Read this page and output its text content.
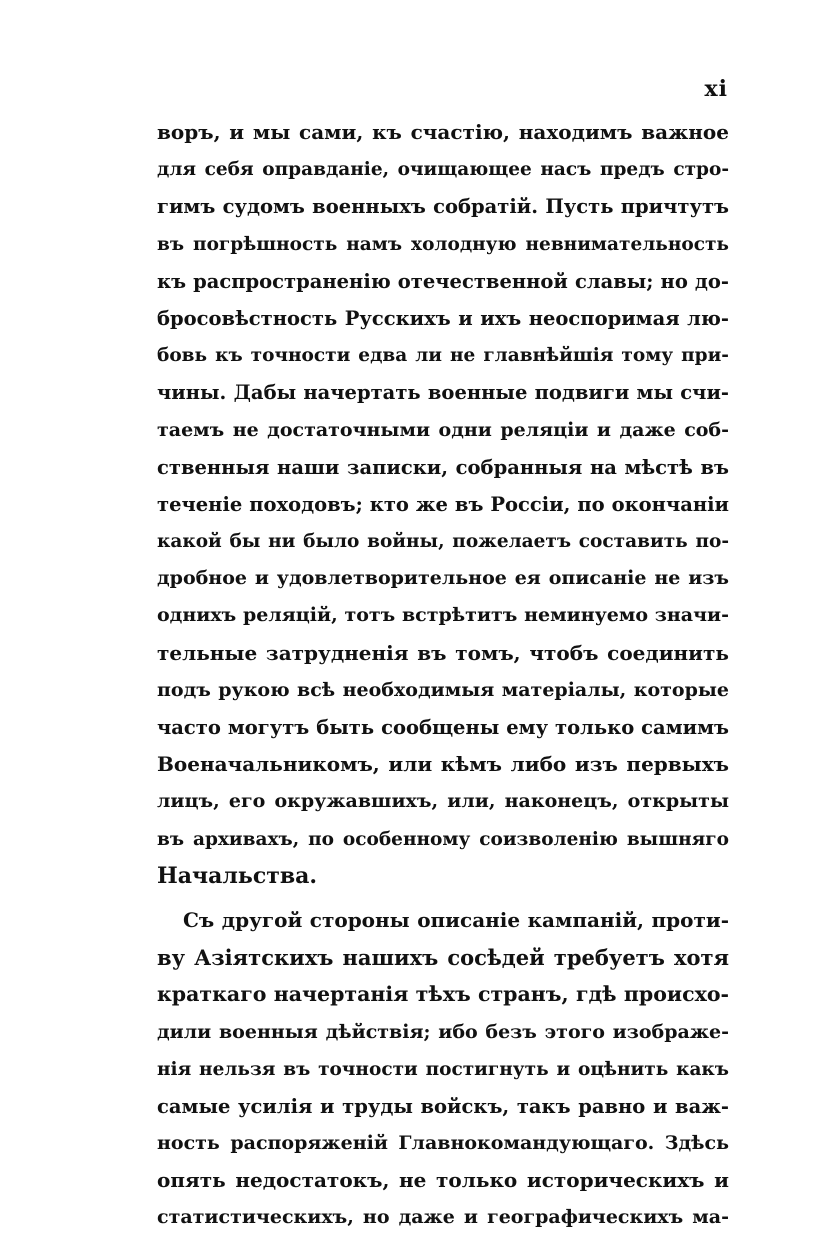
xi
воръ, и мы сами, къ счастію, находимъ важное
для себя оправданіе, очищающее насъ предъ стро-
гимъ судомъ военныхъ собратій. Пусть причтутъ
въ погрѣшность намъ холодную невнимательность
къ распространенію отечественной славы; но до-
бросовѣстность Русскихъ и ихъ неоспоримая лю-
бовь къ точности едва ли не главнѣйшія тому при-
чины. Дабы начертать военные подвиги мы счи-
таемъ не достаточными одни реляціи и даже соб-
ственныя наши записки, собранныя на мѣстѣ въ
теченіе походовъ; кто же въ Россіи, по окончаніи
какой бы ни было войны, пожелаетъ составить по-
дробное и удовлетворительное ея описаніе не изъ
однихъ реляцій, тотъ встрѣтитъ неминуемо значи-
тельные затрудненія въ томъ, чтобъ соединить
подъ рукою всѣ необходимыя матеріалы, которые
часто могутъ быть сообщены ему только самимъ
Военачальникомъ, или кѣмъ либо изъ первыхъ
лицъ, его окружавшихъ, или, наконецъ, открыты
въ архивахъ, по особенному соизволенію вышняго
Начальства.
Съ другой стороны описаніе кампаній, проти-
ву Азіятскихъ нашихъ сосѣдей требуетъ хотя
краткаго начертанія тѣхъ странъ, гдѣ происхо-
дили военныя дѣйствія; ибо безъ этого изображе-
нія нельзя въ точности постигнуть и оцѣнить какъ
самые усилія и труды войскъ, такъ равно и важ-
ность распоряженій Главнокомандующаго. Здѣсь
опять недостатокъ, не только историческихъ и
статистическихъ, но даже и географическихъ ма-
